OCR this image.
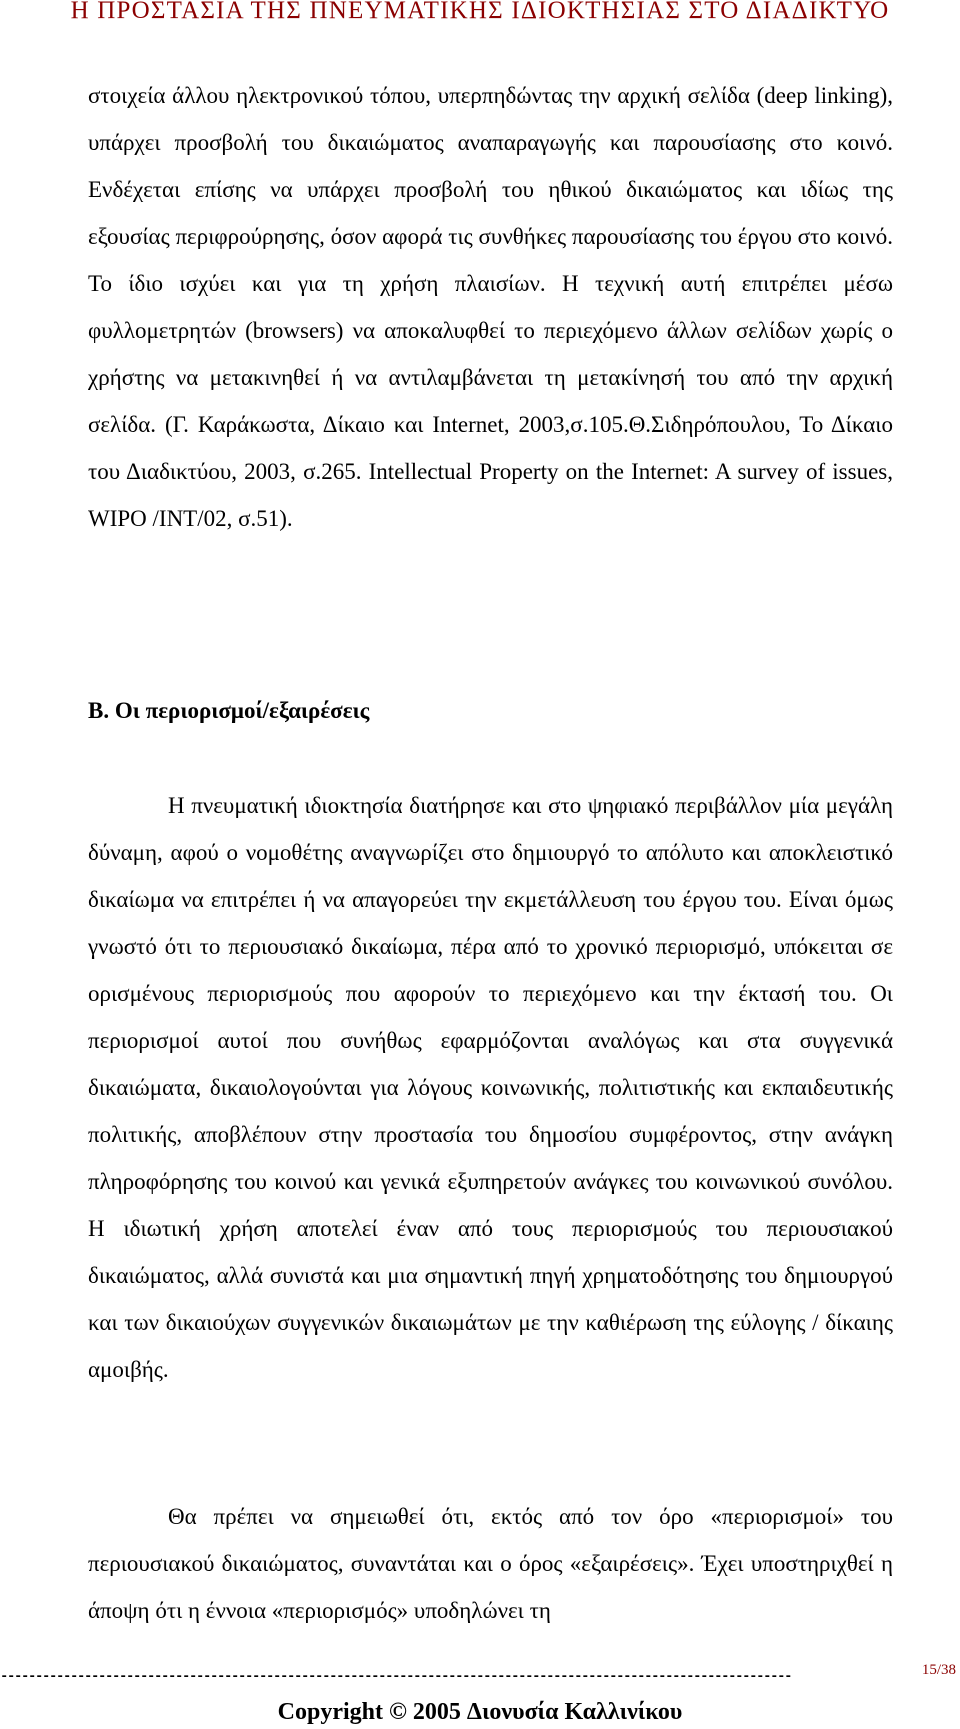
Η ΠΡΟΣΤΑΣΙΑ ΤΗΣ ΠΝΕΥΜΑΤΙΚΗΣ ΙΔΙΟΚΤΗΣΙΑΣ ΣΤΟ ΔΙΑΔΙΚΤΥΟ

στοιχεία άλλου ηλεκτρονικού τόπου, υπερπηδώντας την αρχική σελίδα (deep linking), υπάρχει προσβολή του δικαιώματος αναπαραγωγής και παρουσίασης στο κοινό. Ενδέχεται επίσης να υπάρχει προσβολή του ηθικού δικαιώματος και ιδίως της εξουσίας περιφρούρησης, όσον αφορά τις συνθήκες παρουσίασης του έργου στο κοινό. Το ίδιο ισχύει και για τη χρήση πλαισίων. Η τεχνική αυτή επιτρέπει μέσω φυλλομετρητών (browsers) να αποκαλυφθεί το περιεχόμενο άλλων σελίδων χωρίς ο χρήστης να μετακινηθεί ή να αντιλαμβάνεται τη μετακίνησή του από την αρχική σελίδα. (Γ. Καράκωστα, Δίκαιο και Internet, 2003,σ.105.Θ.Σιδηρόπουλου, Το Δίκαιο του Διαδικτύου, 2003, σ.265. Intellectual Property on the Internet: A survey of issues, WIPO /INT/02, σ.51).

Β. Οι περιορισμοί/εξαιρέσεις

Η πνευματική ιδιοκτησία διατήρησε και στο ψηφιακό περιβάλλον μία μεγάλη δύναμη, αφού ο νομοθέτης αναγνωρίζει στο δημιουργό το απόλυτο και αποκλειστικό δικαίωμα να επιτρέπει ή να απαγορεύει την εκμετάλλευση του έργου του. Είναι όμως γνωστό ότι το περιουσιακό δικαίωμα, πέρα από το χρονικό περιορισμό, υπόκειται σε ορισμένους περιορισμούς που αφορούν το περιεχόμενο και την έκτασή του. Οι περιορισμοί αυτοί που συνήθως εφαρμόζονται αναλόγως και στα συγγενικά δικαιώματα, δικαιολογούνται για λόγους κοινωνικής, πολιτιστικής και εκπαιδευτικής πολιτικής, αποβλέπουν στην προστασία του δημοσίου συμφέροντος, στην ανάγκη πληροφόρησης του κοινού και γενικά εξυπηρετούν ανάγκες του κοινωνικού συνόλου. Η ιδιωτική χρήση αποτελεί έναν από τους περιορισμούς του περιουσιακού δικαιώματος, αλλά συνιστά και μια σημαντική πηγή χρηματοδότησης του δημιουργού και των δικαιούχων συγγενικών δικαιωμάτων με την καθιέρωση της εύλογης / δίκαιης αμοιβής.

Θα πρέπει να σημειωθεί ότι, εκτός από τον όρο «περιορισμοί» του περιουσιακού δικαιώματος, συναντάται και ο όρος «εξαιρέσεις». Έχει υποστηριχθεί η άποψη ότι η έννοια «περιορισμός» υποδηλώνει τη

-----------------------------------------------------------------------------------------------------------------	15/38
Copyright © 2005 Διονυσία Καλλινίκου
